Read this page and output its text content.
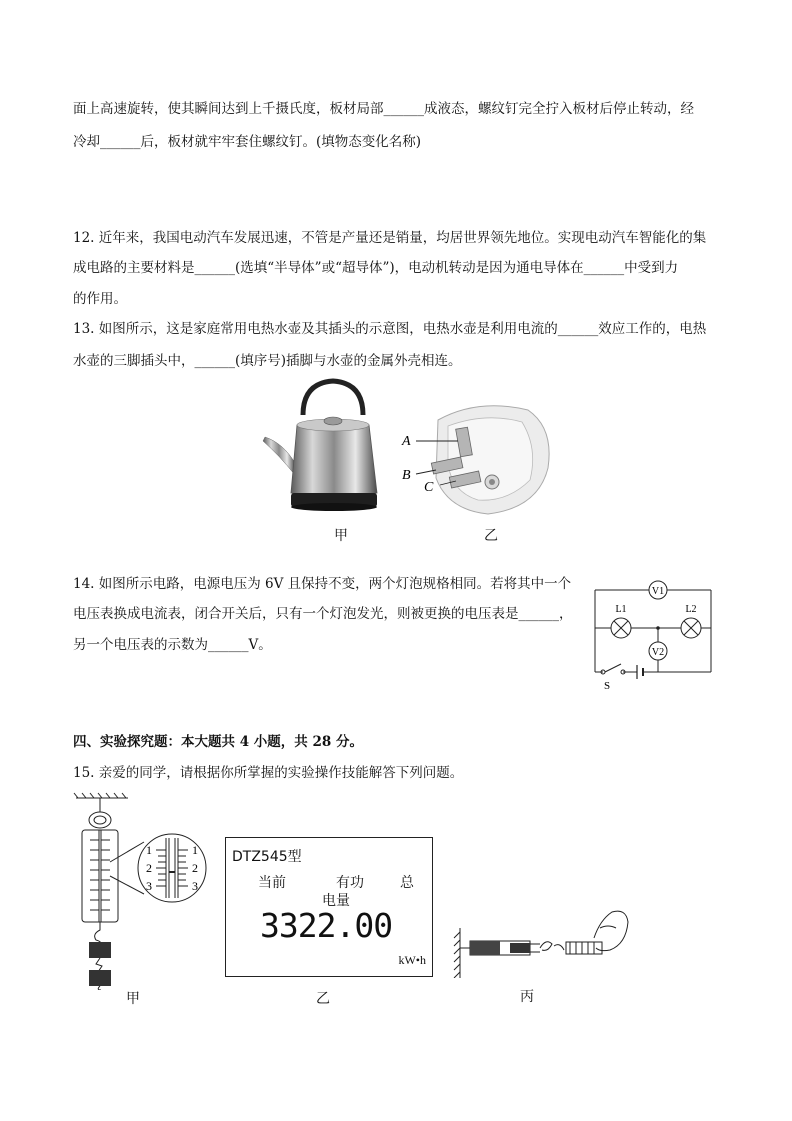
面上高速旋转，使其瞬间达到上千摄氏度，板材局部______成液态，螺纹钉完全拧入板材后停止转动，经
冷却______后，板材就牢牢套住螺纹钉。(填物态变化名称)
12. 近年来，我国电动汽车发展迅速，不管是产量还是销量，均居世界领先地位。实现电动汽车智能化的集
成电路的主要材料是______(选填“半导体”或“超导体”)，电动机转动是因为通电导体在______中受到力
的作用。
13. 如图所示，这是家庭常用电热水壶及其插头的示意图，电热水壶是利用电流的______效应工作的，电热
水壶的三脚插头中，______(填序号)插脚与水壶的金属外壳相连。
甲
A
B
C
乙
14. 如图所示电路，电源电压为 6V 且保持不变，两个灯泡规格相同。若将其中一个
电压表换成电流表，闭合开关后，只有一个灯泡发光，则被更换的电压表是______，
另一个电压表的示数为______V。
V1
V2
L1	L2
S
四、实验探究题：本大题共 4 小题，共 28 分。
15. 亲爱的同学，请根据你所掌握的实验操作技能解答下列问题。
1
2
3
1
2
3
甲
DTZ545型
当前	有功	总
电量
3322.00
kW•h
乙	丙
